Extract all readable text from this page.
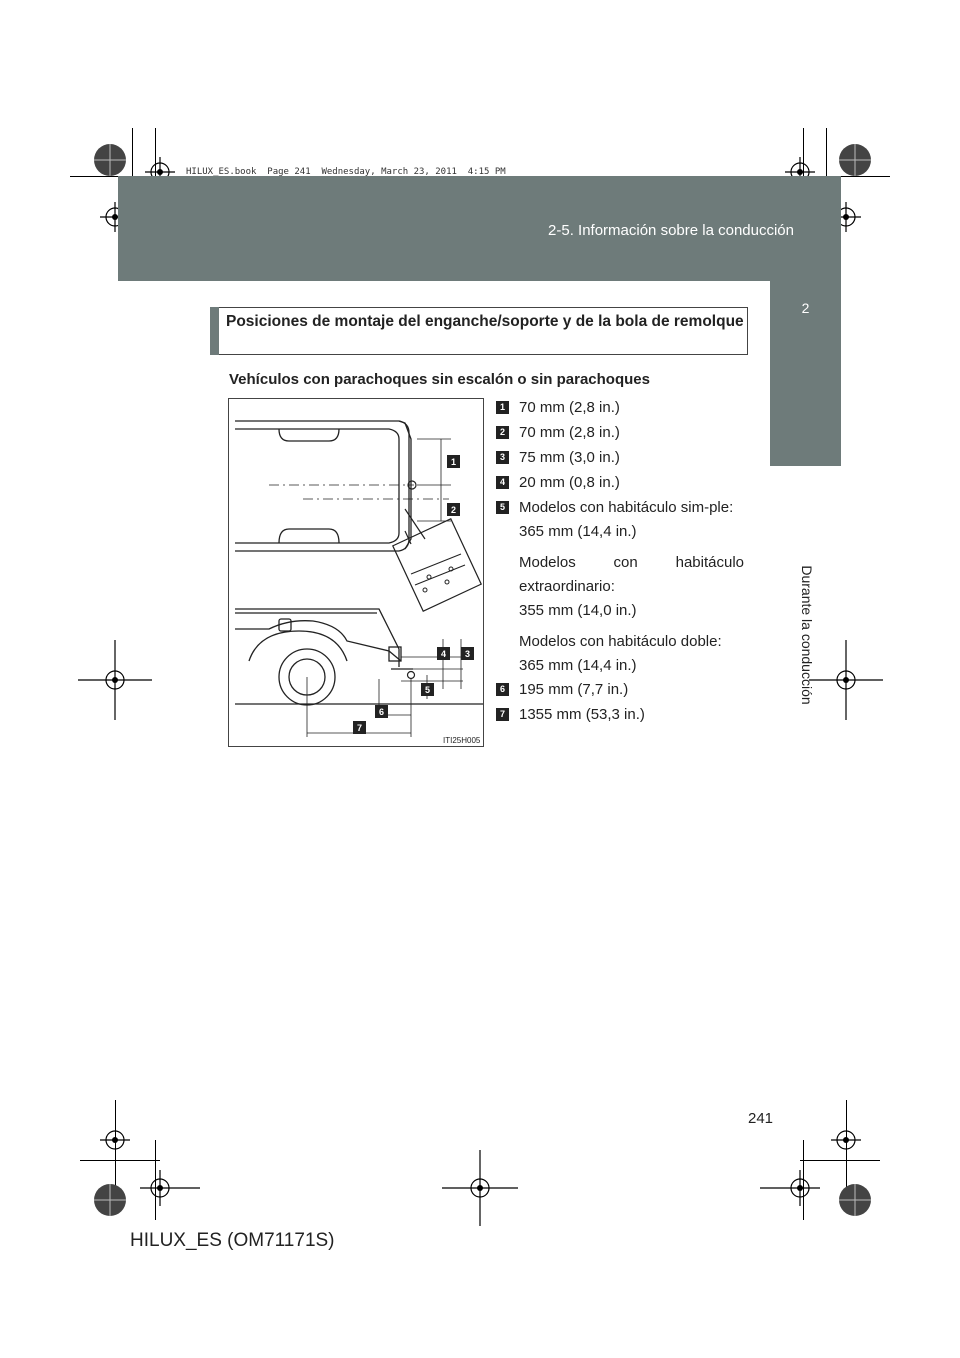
HILUX_ES.book  Page 241  Wednesday, March 23, 2011  4:15 PM
2-5. Información sobre la conducción
2
Durante la conducción
Posiciones de montaje del enganche/soporte y de la bola de remolque
Vehículos con parachoques sin escalón o sin parachoques
1
2
3
4
5
6
7
ITI25H005
1 70 mm (2,8 in.)
2 70 mm (2,8 in.)
3 75 mm (3,0 in.)
4 20 mm (0,8 in.)
5 Modelos con habitáculo sim-ple:
365 mm (14,4 in.)
Modelos con habitáculo extraordinario:
355 mm (14,0 in.)
Modelos con habitáculo doble:
365 mm (14,4 in.)
6 195 mm (7,7 in.)
7 1355 mm (53,3 in.)
241
HILUX_ES (OM71171S)
